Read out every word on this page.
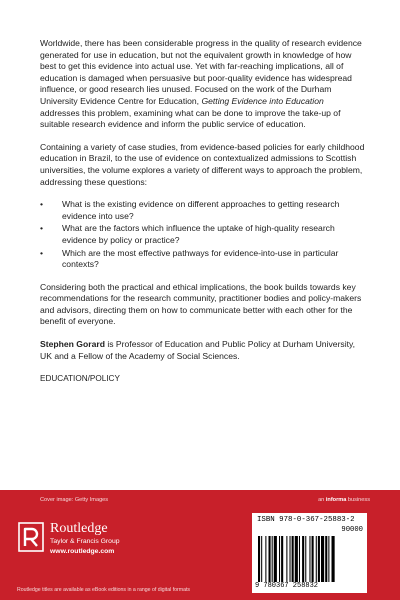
Worldwide, there has been considerable progress in the quality of research evidence generated for use in education, but not the equivalent growth in knowledge of how best to get this evidence into actual use. Yet with far-reaching implications, all of education is damaged when persuasive but poor-quality evidence has widespread influence, or good research lies unused. Focused on the work of the Durham University Evidence Centre for Education, Getting Evidence into Education addresses this problem, examining what can be done to improve the take-up of suitable research evidence and inform the public service of education.

Containing a variety of case studies, from evidence-based policies for early childhood education in Brazil, to the use of evidence on contextualized admissions to Scottish universities, the volume explores a variety of different ways to approach the problem, addressing these questions:

• What is the existing evidence on different approaches to getting research evidence into use?
• What are the factors which influence the uptake of high-quality research evidence by policy or practice?
• Which are the most effective pathways for evidence-into-use in particular contexts?

Considering both the practical and ethical implications, the book builds towards key recommendations for the research community, practitioner bodies and policy-makers and advisors, directing them on how to communicate better with each other for the benefit of everyone.

Stephen Gorard is Professor of Education and Public Policy at Durham University, UK and a Fellow of the Academy of Social Sciences.

EDUCATION/POLICY

Cover image: Getty Images	an informa business
Routledge
Taylor & Francis Group
www.routledge.com
ISBN 978-0-367-25883-2
90000
9 780367 258832
Routledge titles are available as eBook editions in a range of digital formats
